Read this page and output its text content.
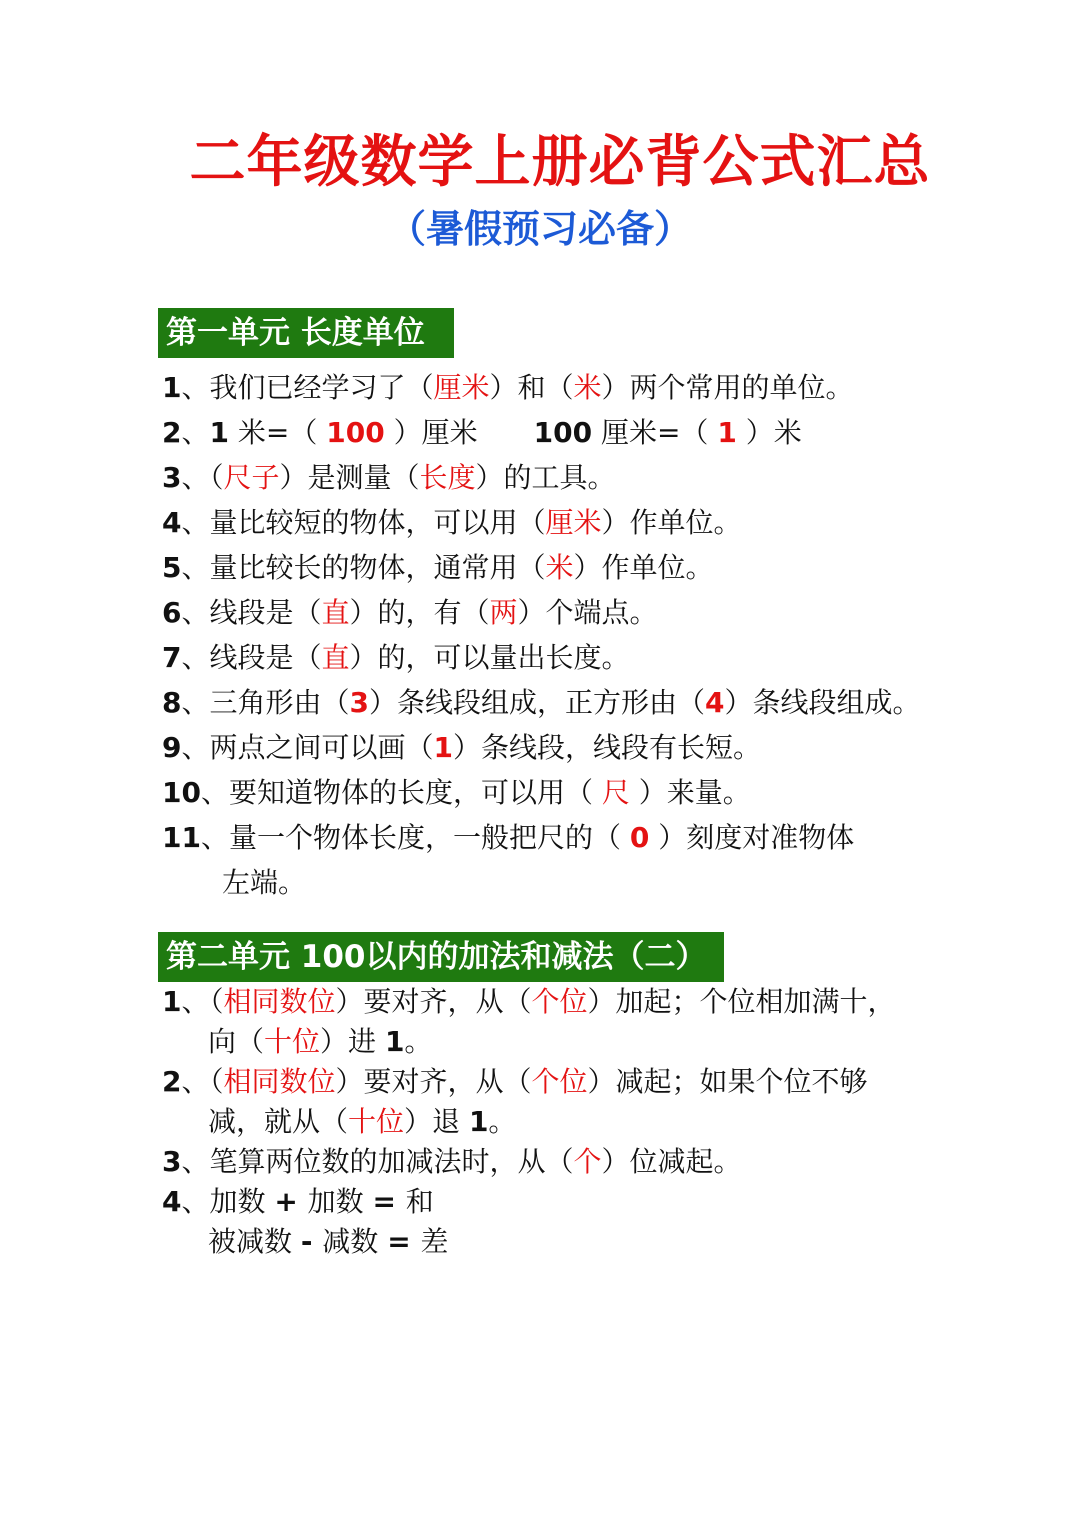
二年级数学上册必背公式汇总
（暑假预习必备）
第一单元 长度单位
1、我们已经学习了（厘米）和（米）两个常用的单位。
2、1 米=（ 100 ）厘米 100 厘米=（ 1 ）米
3、（尺子）是测量（长度）的工具。
4、量比较短的物体，可以用（厘米）作单位。
5、量比较长的物体，通常用（米）作单位。
6、线段是（直）的，有（两）个端点。
7、线段是（直）的，可以量出长度。
8、三角形由（3）条线段组成，正方形由（4）条线段组成。
9、两点之间可以画（1）条线段，线段有长短。
10、要知道物体的长度，可以用（ 尺 ）来量。
11、量一个物体长度，一般把尺的（ 0 ）刻度对准物体
左端。
第二单元 100以内的加法和减法（二）
1、（相同数位）要对齐，从（个位）加起；个位相加满十，
向（十位）进 1。
2、（相同数位）要对齐，从（个位）减起；如果个位不够
减，就从（十位）退 1。
3、笔算两位数的加减法时，从（个）位减起。
4、加数 + 加数 = 和
被减数 - 减数 = 差
